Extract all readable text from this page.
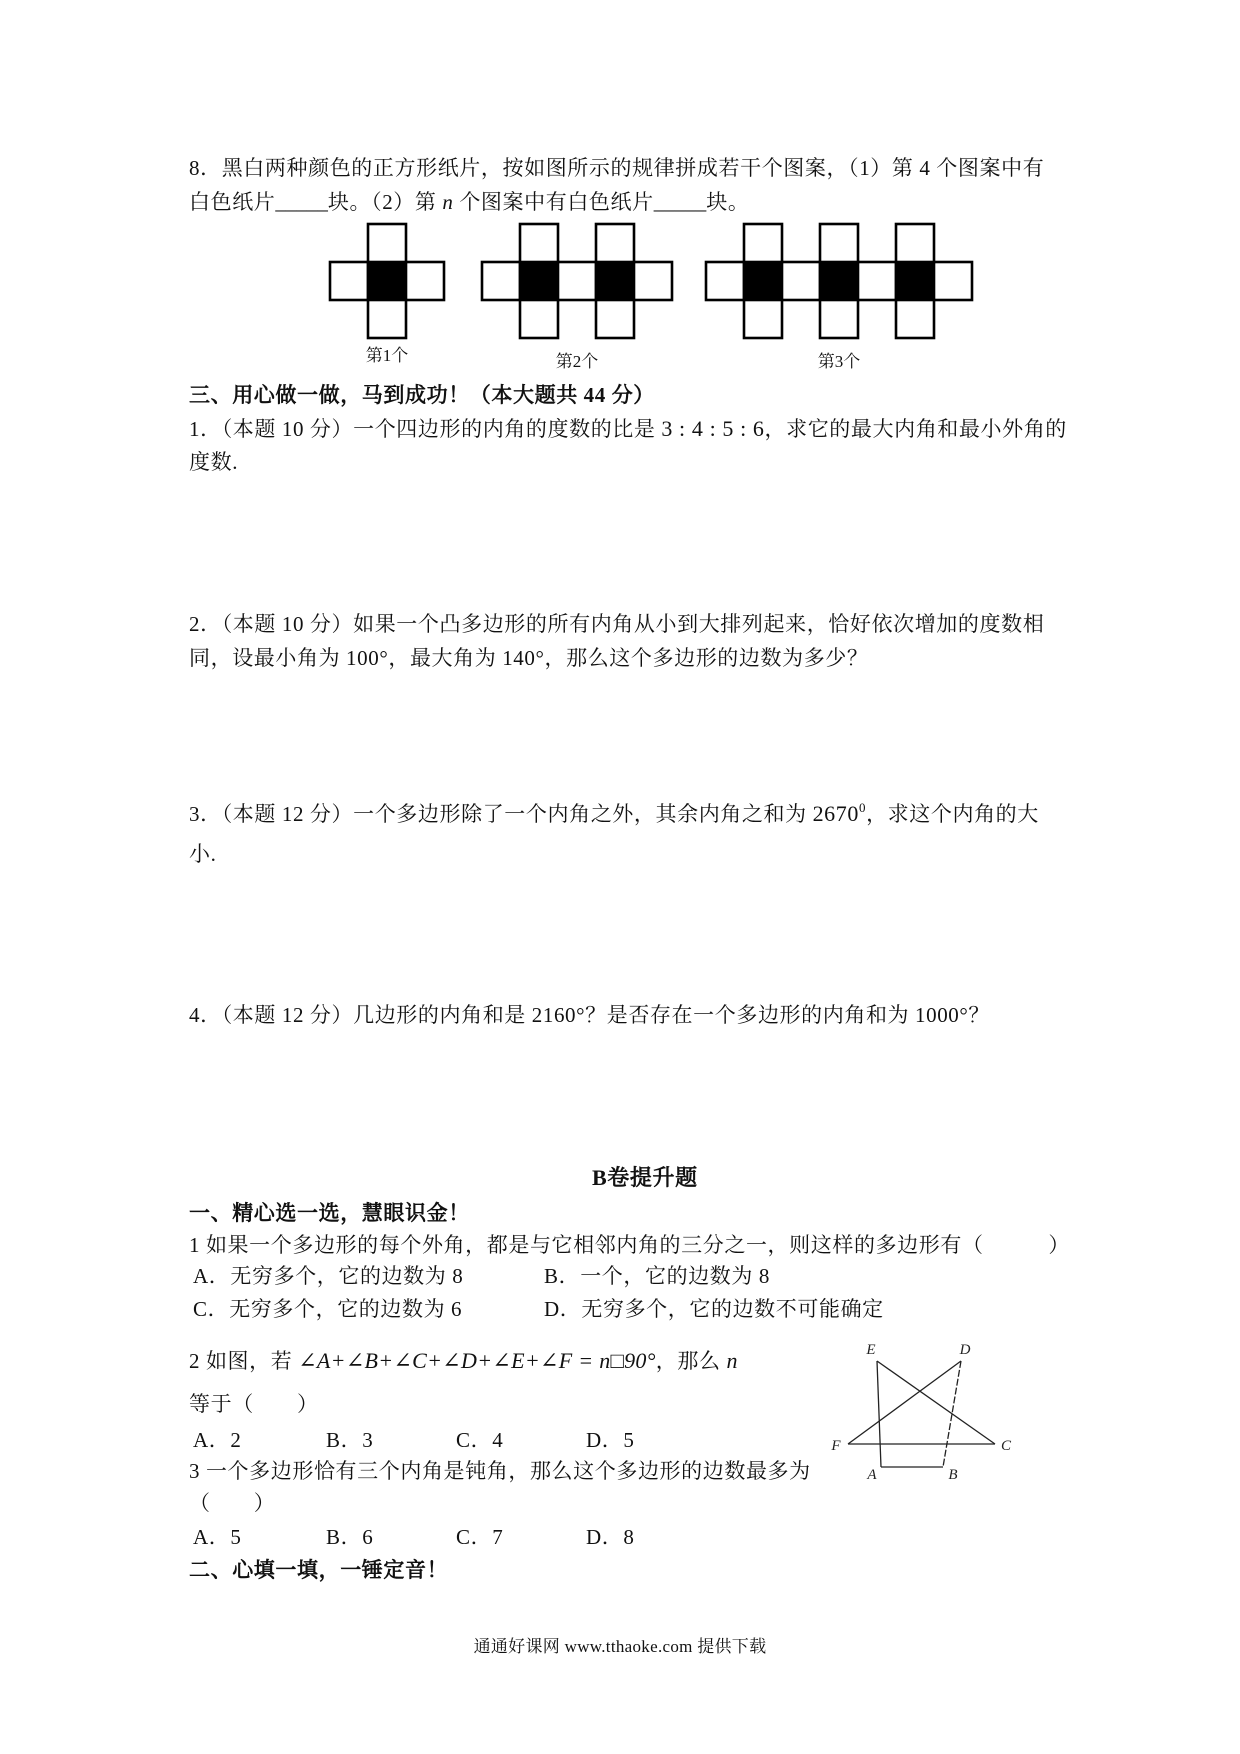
8．黑白两种颜色的正方形纸片，按如图所示的规律拼成若干个图案，（1）第 4 个图案中有
白色纸片_____块。（2）第 n 个图案中有白色纸片_____块。
第1个	第2个	第3个
三、用心做一做，马到成功！（本大题共 44 分）
1．（本题 10 分）一个四边形的内角的度数的比是 3 : 4 : 5 : 6，求它的最大内角和最小外角的
度数.
2．（本题 10 分）如果一个凸多边形的所有内角从小到大排列起来，恰好依次增加的度数相
同，设最小角为 100°，最大角为 140°，那么这个多边形的边数为多少？
3．（本题 12 分）一个多边形除了一个内角之外，其余内角之和为 2670$^0$，求这个内角的大
小.
4．（本题 12 分）几边形的内角和是 2160°？是否存在一个多边形的内角和为 1000°？
B卷提升题
一、精心选一选，慧眼识金！
1 如果一个多边形的每个外角，都是与它相邻内角的三分之一，则这样的多边形有（　　　）
A．无穷多个，它的边数为 8	B．一个，它的边数为 8
C．无穷多个，它的边数为 6	D．无穷多个，它的边数不可能确定
2 如图，若 ∠A+∠B+∠C+∠D+∠E+∠F = n□90°，那么 n
等于（　　）
A．2	B．3	C．4	D．5
3 一个多边形恰有三个内角是钝角，那么这个多边形的边数最多为
（　　）
A．5	B．6	C．7	D．8
二、心填一填，一锤定音！
E	D
F	C
A	B
通通好课网 www.tthaoke.com 提供下载
